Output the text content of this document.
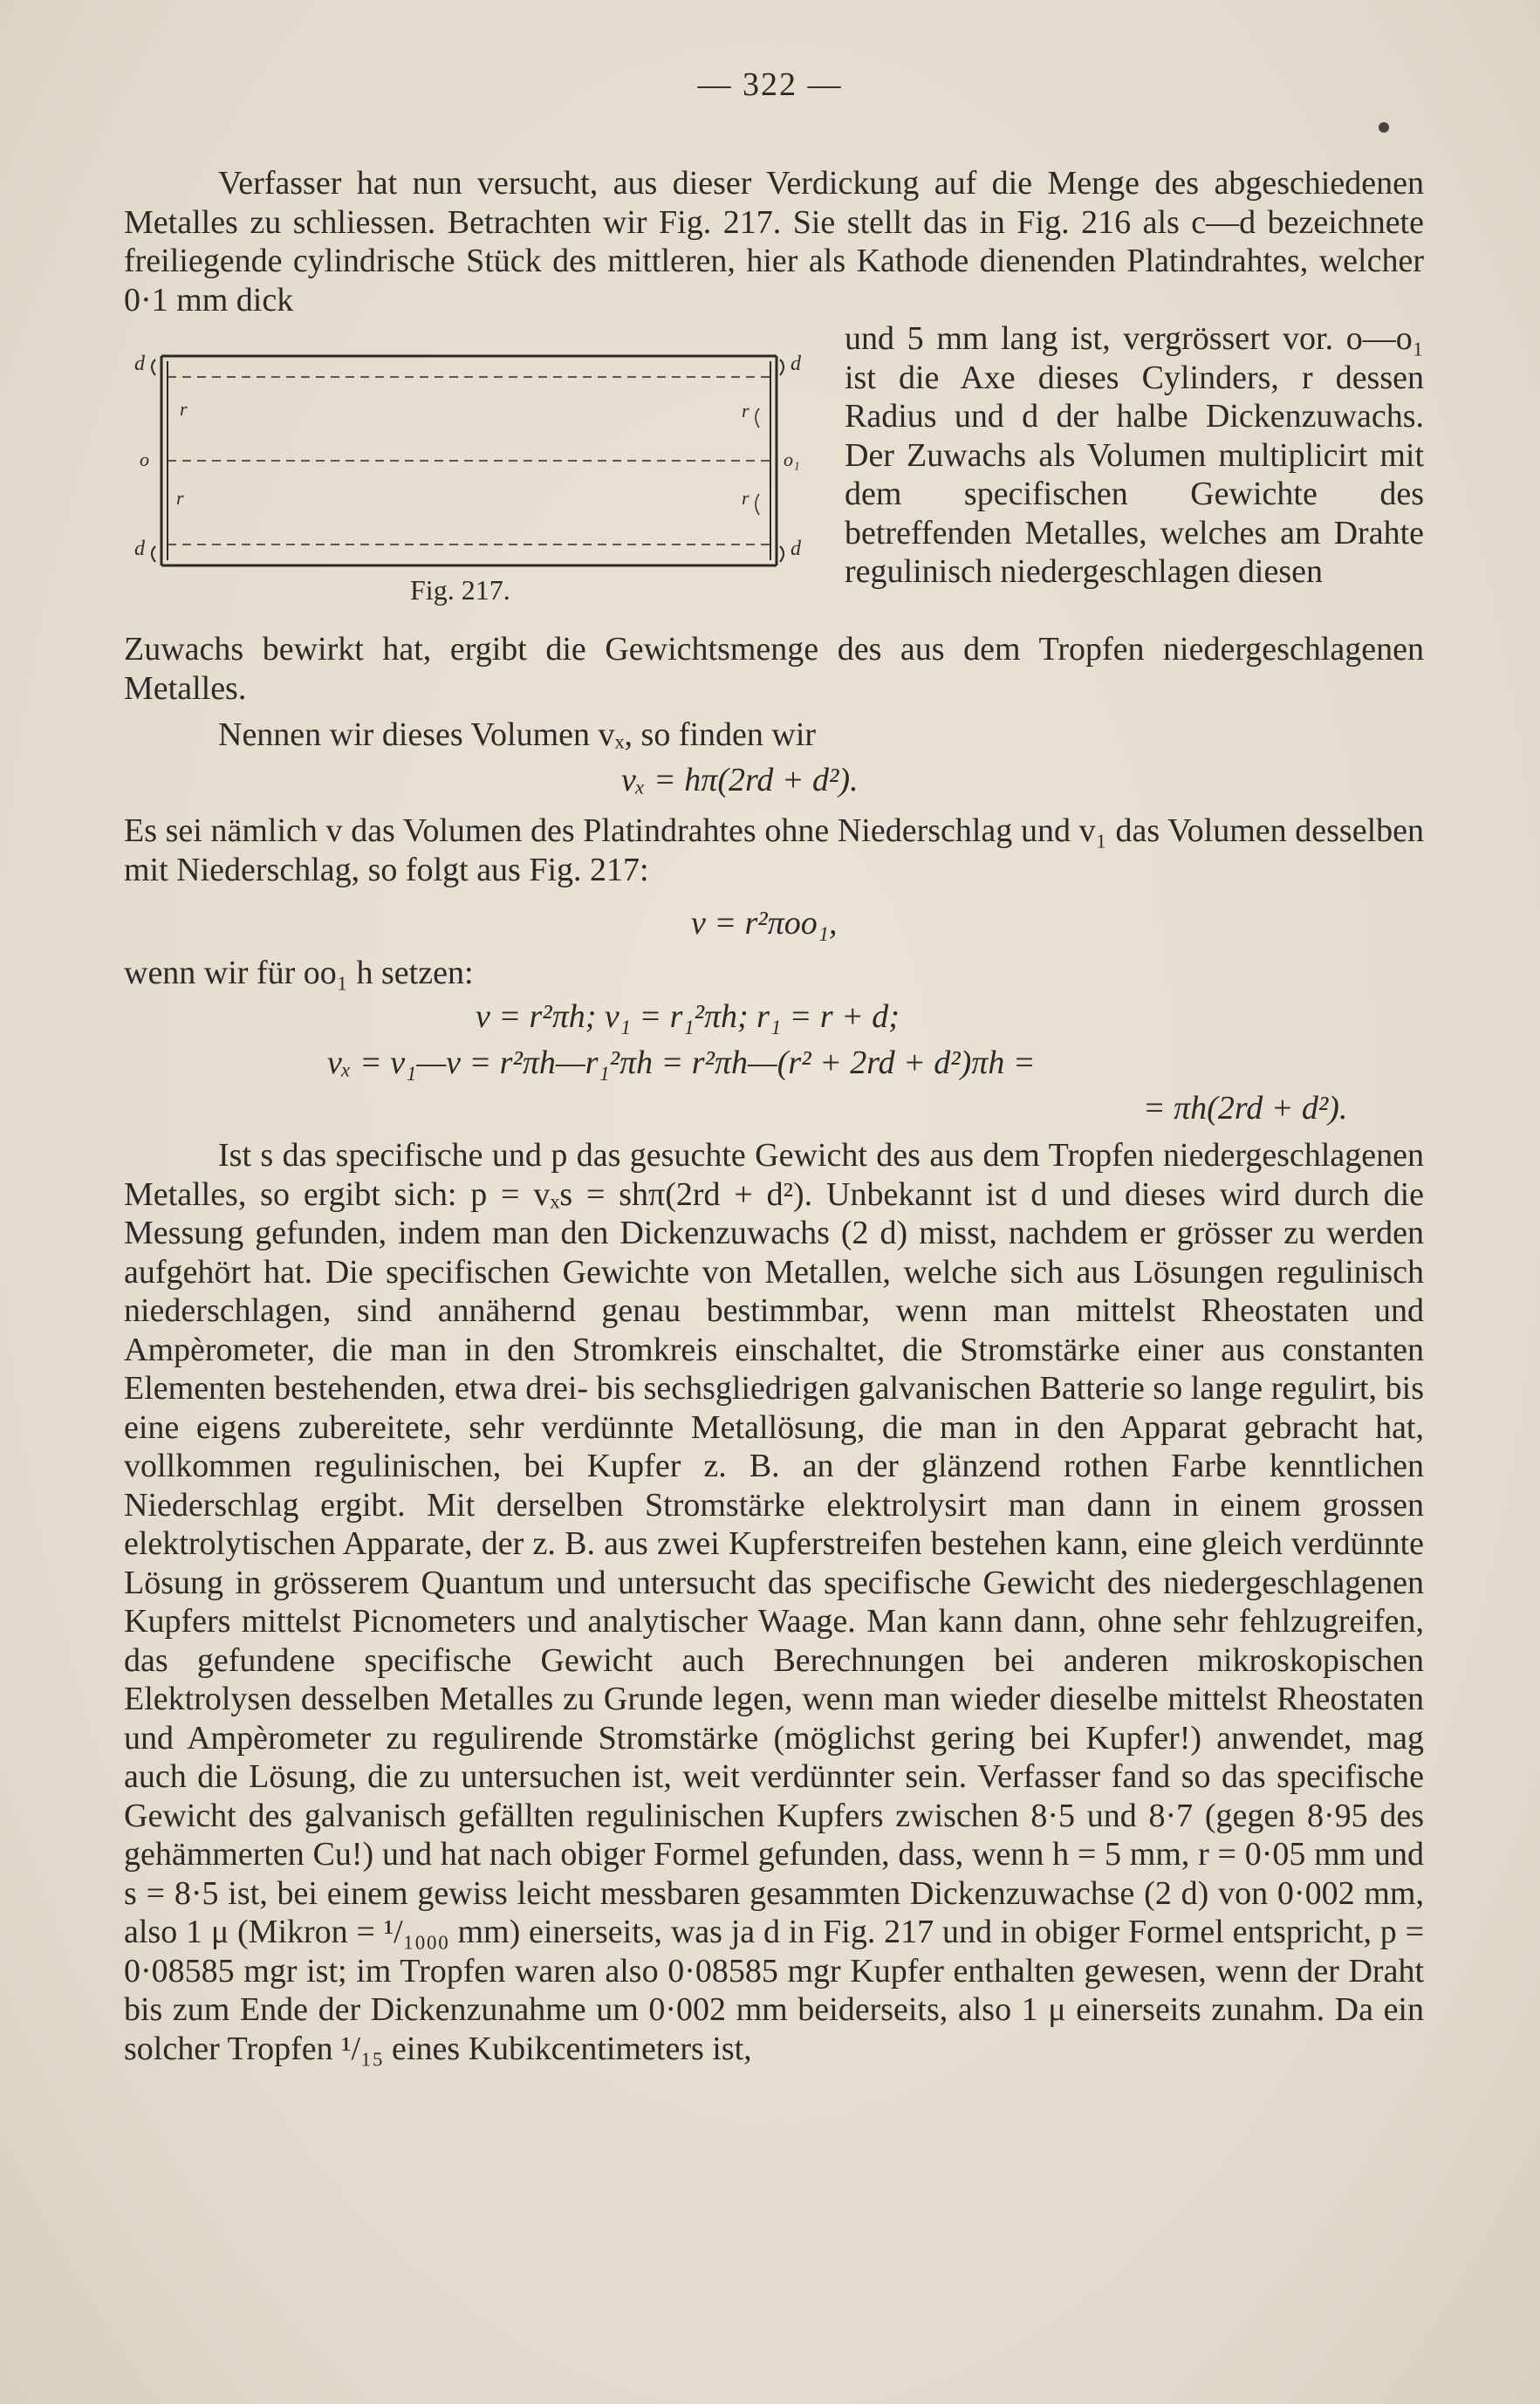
— 322 —

Verfasser hat nun versucht, aus dieser Verdickung auf die Menge des abgeschiedenen Metalles zu schliessen. Betrachten wir Fig. 217. Sie stellt das in Fig. 216 als c—d bezeichnete freiliegende cylindrische Stück des mittleren, hier als Kathode dienenden Platindrahtes, welcher 0·1 mm dick

und 5 mm lang ist, vergrössert vor. o—o₁ ist die Axe dieses Cylinders, r dessen Radius und d der halbe Dickenzuwachs. Der Zuwachs als Volumen multiplicirt mit dem specifischen Gewichte des betreffenden Metalles, welches am Drahte regulinisch niedergeschlagen diesen
d	d
o	o₁
d	d
r	r
r	r
Fig. 217.

Zuwachs bewirkt hat, ergibt die Gewichtsmenge des aus dem Tropfen niedergeschlagenen Metalles.

Nennen wir dieses Volumen vₓ, so finden wir

vₓ = hπ(2rd + d²).

Es sei nämlich v das Volumen des Platindrahtes ohne Niederschlag und v₁ das Volumen desselben mit Niederschlag, so folgt aus Fig. 217:

v = r²πoo₁,
wenn wir für oo₁ h setzen:
v = r²πh; v₁ = r₁²πh; r₁ = r + d;
vₓ = v₁—v = r²πh—r₁²πh = r²πh—(r² + 2rd + d²)πh =
= πh(2rd + d²).

Ist s das specifische und p das gesuchte Gewicht des aus dem Tropfen niedergeschlagenen Metalles, so ergibt sich: p = vₓs = shπ(2rd + d²). Unbekannt ist d und dieses wird durch die Messung gefunden, indem man den Dickenzuwachs (2 d) misst, nachdem er grösser zu werden aufgehört hat. Die specifischen Gewichte von Metallen, welche sich aus Lösungen regulinisch niederschlagen, sind annähernd genau bestimmbar, wenn man mittelst Rheostaten und Ampèrometer, die man in den Stromkreis einschaltet, die Stromstärke einer aus constanten Elementen bestehenden, etwa drei- bis sechsgliedrigen galvanischen Batterie so lange regulirt, bis eine eigens zubereitete, sehr verdünnte Metallösung, die man in den Apparat gebracht hat, vollkommen regulinischen, bei Kupfer z. B. an der glänzend rothen Farbe kenntlichen Niederschlag ergibt. Mit derselben Stromstärke elektrolysirt man dann in einem grossen elektrolytischen Apparate, der z. B. aus zwei Kupferstreifen bestehen kann, eine gleich verdünnte Lösung in grösserem Quantum und untersucht das specifische Gewicht des niedergeschlagenen Kupfers mittelst Picnometers und analytischer Waage. Man kann dann, ohne sehr fehlzugreifen, das gefundene specifische Gewicht auch Berechnungen bei anderen mikroskopischen Elektrolysen desselben Metalles zu Grunde legen, wenn man wieder dieselbe mittelst Rheostaten und Ampèrometer zu regulirende Stromstärke (möglichst gering bei Kupfer!) anwendet, mag auch die Lösung, die zu untersuchen ist, weit verdünnter sein. Verfasser fand so das specifische Gewicht des galvanisch gefällten regulinischen Kupfers zwischen 8·5 und 8·7 (gegen 8·95 des gehämmerten Cu!) und hat nach obiger Formel gefunden, dass, wenn h = 5 mm, r = 0·05 mm und s = 8·5 ist, bei einem gewiss leicht messbaren gesammten Dickenzuwachse (2 d) von 0·002 mm, also 1 μ (Mikron = ¹/₁₀₀₀ mm) einerseits, was ja d in Fig. 217 und in obiger Formel entspricht, p = 0·08585 mgr ist; im Tropfen waren also 0·08585 mgr Kupfer enthalten gewesen, wenn der Draht bis zum Ende der Dickenzunahme um 0·002 mm beiderseits, also 1 μ einerseits zunahm. Da ein solcher Tropfen ¹/₁₅ eines Kubikcentimeters ist,
